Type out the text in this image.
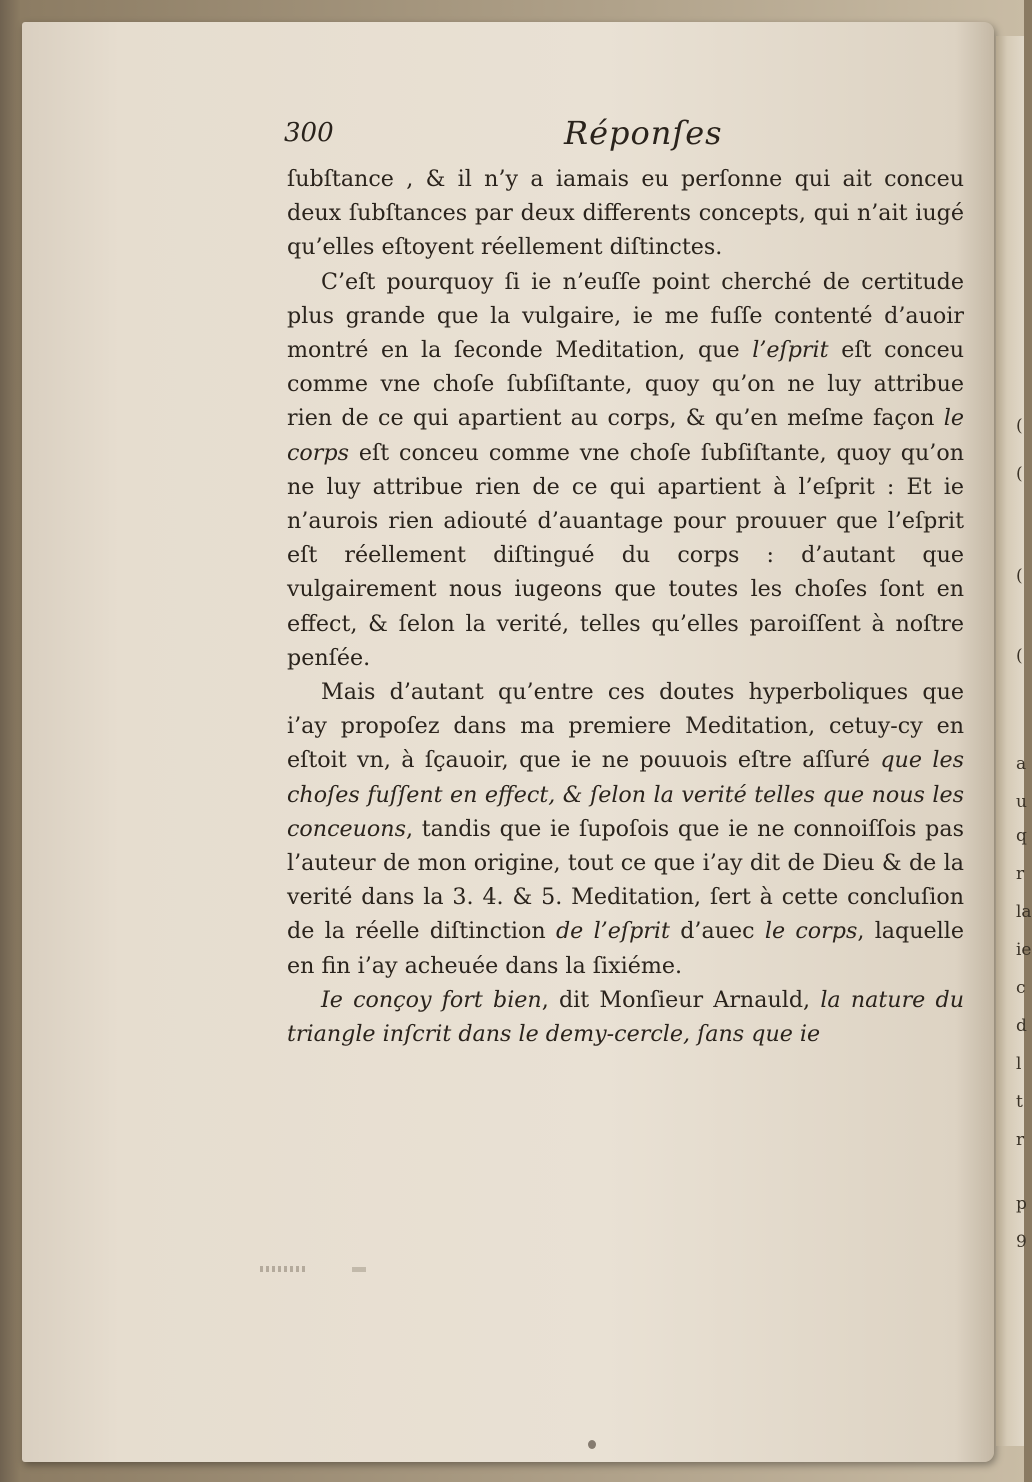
(
(
(
(
a
u
q
r
la
ie
c
d
l
t
r
p
9
300	Réponſes

ſubſtance , & il n’y a iamais eu perſonne qui ait conceu deux ſubſtances par deux differents concepts, qui n’ait iugé qu’elles eſtoyent réellement diſtinctes.

C’eſt pourquoy ſi ie n’euſſe point cherché de certitude plus grande que la vulgaire, ie me fuſſe contenté d’auoir montré en la ſeconde Meditation, que l’eſprit eſt conceu comme vne choſe ſubſiſtante, quoy qu’on ne luy attribue rien de ce qui apartient au corps, & qu’en meſme façon le corps eſt conceu comme vne choſe ſubſiſtante, quoy qu’on ne luy attribue rien de ce qui apartient à l’eſprit : Et ie n’aurois rien adiouté d’auantage pour prouuer que l’eſprit eſt réellement diſtingué du corps : d’autant que vulgairement nous iugeons que toutes les choſes ſont en effect, & ſelon la verité, telles qu’elles paroiſſent à noſtre penſée.

Mais d’autant qu’entre ces doutes hyperboliques que i’ay propoſez dans ma premiere Meditation, cetuy-cy en eſtoit vn, à ſçauoir, que ie ne pouuois eſtre aſſuré que les choſes fuſſent en effect, & ſelon la verité telles que nous les conceuons, tandis que ie ſupoſois que ie ne connoiſſois pas l’auteur de mon origine, tout ce que i’ay dit de Dieu & de la verité dans la 3. 4. & 5. Meditation, ſert à cette concluſion de la réelle diſtinction de l’eſprit d’auec le corps, laquelle en fin i’ay acheuée dans la ſixiéme.

Ie conçoy fort bien, dit Monſieur Arnauld, la nature du triangle inſcrit dans le demy-cercle, ſans que ie
